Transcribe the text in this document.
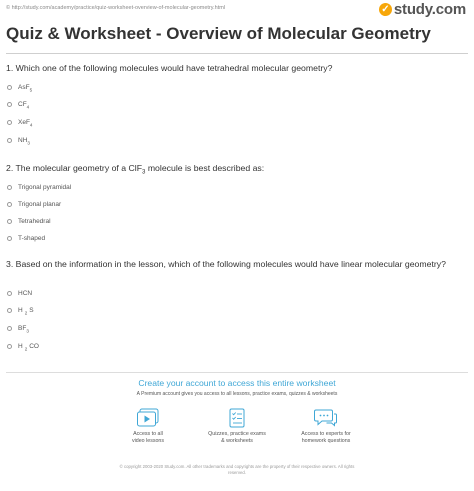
© http://study.com/academy/practice/quiz-worksheet-overview-of-molecular-geometry.html	✓ study.com
Quiz & Worksheet - Overview of Molecular Geometry
1. Which one of the following molecules would have tetrahedral molecular geometry?
AsF$_5$
$CF_4$
XeF$_4$
$NH_3$
2. The molecular geometry of a ClF$_3$ molecule is best described as:
Trigonal pyramidal
Trigonal planar
Tetrahedral
T-shaped
3. Based on the information in the lesson, which of the following molecules would have linear molecular geometry?
HCN
H $_2$ S
$BF_3$
H $_2$ CO
Create your account to access this entire worksheet
A Premium account gives you access to all lessons, practice exams, quizzes & worksheets
Access to all
video lessons
Quizzes, practice exams
& worksheets
Access to experts for
homework questions
© copyright 2003-2020 Study.com. All other trademarks and copyrights are the property of their respective owners. All rights
reserved.
